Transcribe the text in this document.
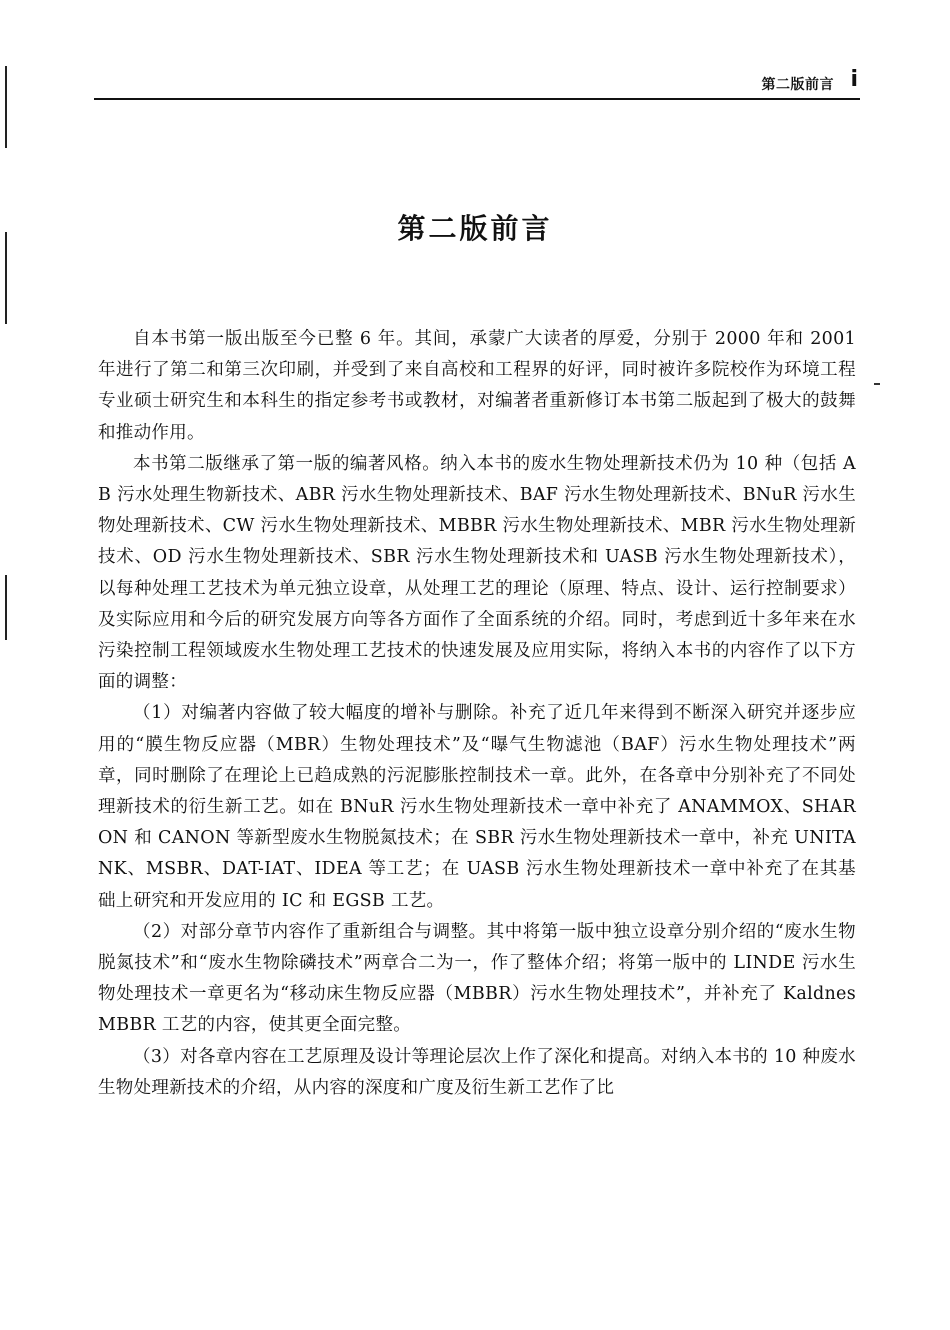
第二版前言 i
第二版前言

自本书第一版出版至今已整 6 年。其间，承蒙广大读者的厚爱，分别于 2000 年和 2001 年进行了第二和第三次印刷，并受到了来自高校和工程界的好评，同时被许多院校作为环境工程专业硕士研究生和本科生的指定参考书或教材，对编著者重新修订本书第二版起到了极大的鼓舞和推动作用。

本书第二版继承了第一版的编著风格。纳入本书的废水生物处理新技术仍为 10 种（包括 AB 污水处理生物新技术、ABR 污水生物处理新技术、BAF 污水生物处理新技术、BNuR 污水生物处理新技术、CW 污水生物处理新技术、MBBR 污水生物处理新技术、MBR 污水生物处理新技术、OD 污水生物处理新技术、SBR 污水生物处理新技术和 UASB 污水生物处理新技术），以每种处理工艺技术为单元独立设章，从处理工艺的理论（原理、特点、设计、运行控制要求）及实际应用和今后的研究发展方向等各方面作了全面系统的介绍。同时，考虑到近十多年来在水污染控制工程领域废水生物处理工艺技术的快速发展及应用实际，将纳入本书的内容作了以下方面的调整：

（1）对编著内容做了较大幅度的增补与删除。补充了近几年来得到不断深入研究并逐步应用的“膜生物反应器（MBR）生物处理技术”及“曝气生物滤池（BAF）污水生物处理技术”两章，同时删除了在理论上已趋成熟的污泥膨胀控制技术一章。此外，在各章中分别补充了不同处理新技术的衍生新工艺。如在 BNuR 污水生物处理新技术一章中补充了 ANAMMOX、SHARON 和 CANON 等新型废水生物脱氮技术；在 SBR 污水生物处理新技术一章中，补充 UNITANK、MSBR、DAT-IAT、IDEA 等工艺；在 UASB 污水生物处理新技术一章中补充了在其基础上研究和开发应用的 IC 和 EGSB 工艺。

（2）对部分章节内容作了重新组合与调整。其中将第一版中独立设章分别介绍的“废水生物脱氮技术”和“废水生物除磷技术”两章合二为一，作了整体介绍；将第一版中的 LINDE 污水生物处理技术一章更名为“移动床生物反应器（MBBR）污水生物处理技术”，并补充了 Kaldnes MBBR 工艺的内容，使其更全面完整。

（3）对各章内容在工艺原理及设计等理论层次上作了深化和提高。对纳入本书的 10 种废水生物处理新技术的介绍，从内容的深度和广度及衍生新工艺作了比
